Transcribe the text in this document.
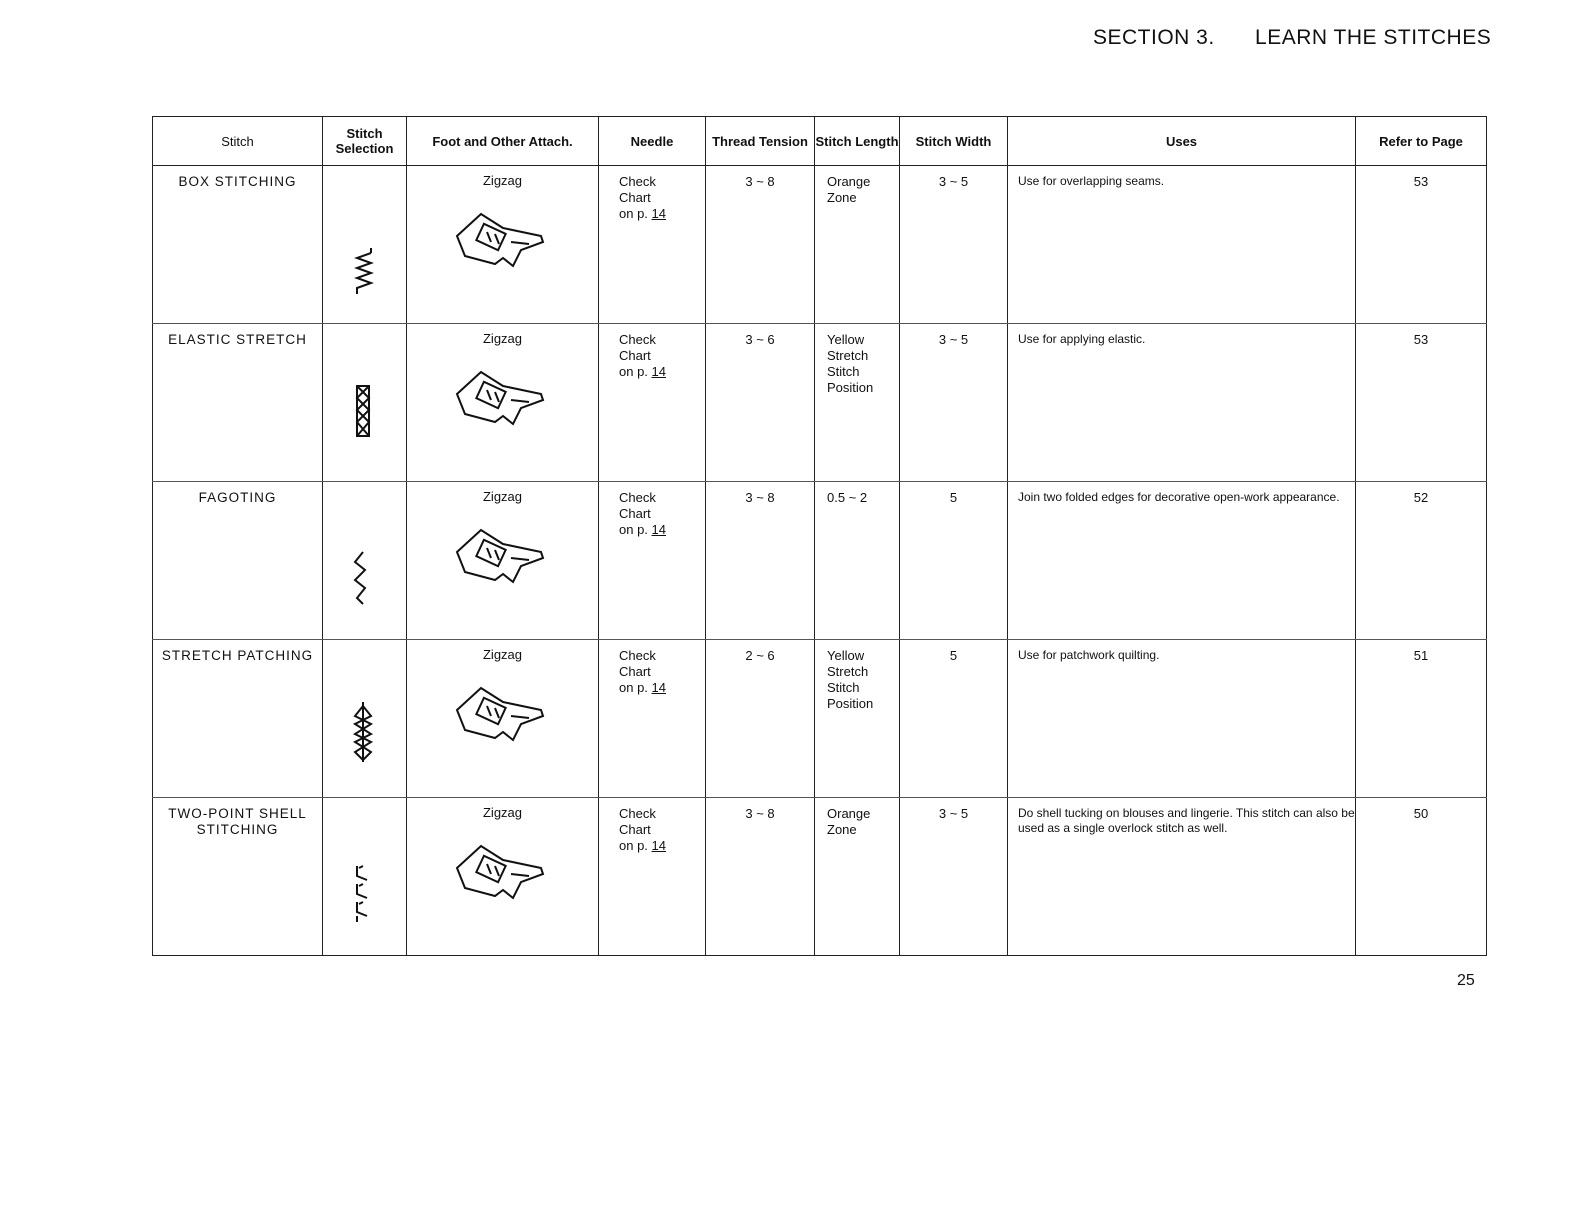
SECTION 3. LEARN THE STITCHES
Stitch	Stitch Selection	Foot and Other Attach.	Needle	Thread Tension	Stitch Length	Stitch Width	Uses	Refer to Page
BOX STITCHING		Zigzag	Check
Chart
on p. 14	3 ~ 8	Orange Zone	3 ~ 5	Use for overlapping seams.	53
ELASTIC STRETCH		Zigzag	Check
Chart
on p. 14	3 ~ 6	Yellow Stretch Stitch Position	3 ~ 5	Use for applying elastic.	53
FAGOTING		Zigzag	Check
Chart
on p. 14	3 ~ 8	0.5 ~ 2	5	Join two folded edges for decorative open-work appearance.	52
STRETCH PATCHING		Zigzag	Check
Chart
on p. 14	2 ~ 6	Yellow Stretch Stitch Position	5	Use for patchwork quilting.	51
TWO-POINT SHELL STITCHING		Zigzag	Check
Chart
on p. 14	3 ~ 8	Orange Zone	3 ~ 5	Do shell tucking on blouses and lingerie. This stitch can also be used as a single overlock stitch as well.	50
25
